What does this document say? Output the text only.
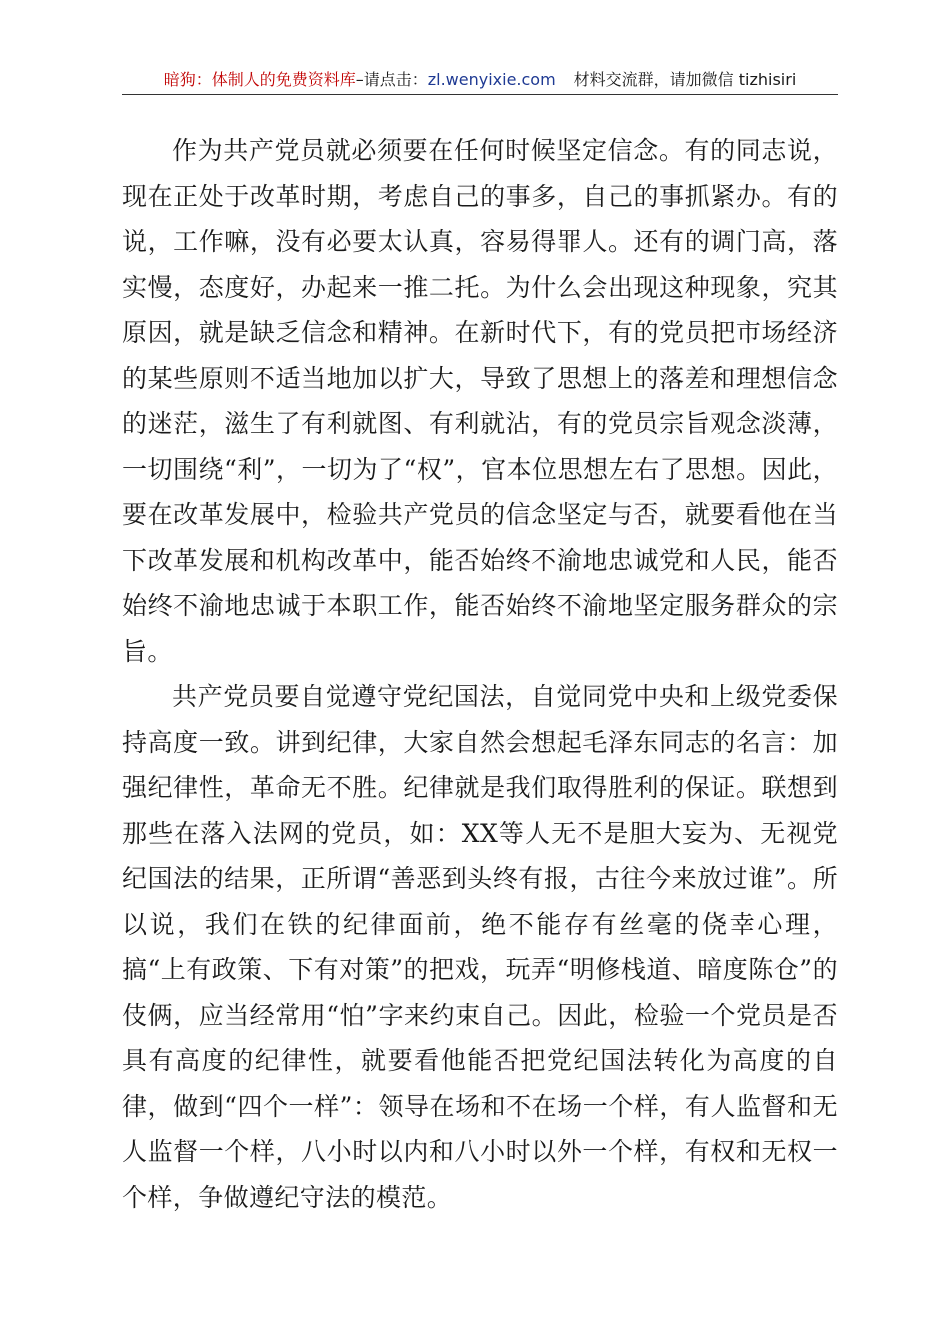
暗狗：体制人的免费资料库–请点击：zl.wenyixie.com 材料交流群，请加微信 tizhisiri

作为共产党员就必须要在任何时候坚定信念。有的同志说，现在正处于改革时期，考虑自己的事多，自己的事抓紧办。有的说，工作嘛，没有必要太认真，容易得罪人。还有的调门高，落实慢，态度好，办起来一推二托。为什么会出现这种现象，究其原因，就是缺乏信念和精神。在新时代下，有的党员把市场经济的某些原则不适当地加以扩大，导致了思想上的落差和理想信念的迷茫，滋生了有利就图、有利就沾，有的党员宗旨观念淡薄，一切围绕“利”，一切为了“权”，官本位思想左右了思想。因此，要在改革发展中，检验共产党员的信念坚定与否，就要看他在当下改革发展和机构改革中，能否始终不渝地忠诚党和人民，能否始终不渝地忠诚于本职工作，能否始终不渝地坚定服务群众的宗旨。

共产党员要自觉遵守党纪国法，自觉同党中央和上级党委保持高度一致。讲到纪律，大家自然会想起毛泽东同志的名言：加强纪律性，革命无不胜。纪律就是我们取得胜利的保证。联想到那些在落入法网的党员，如：XX等人无不是胆大妄为、无视党纪国法的结果，正所谓“善恶到头终有报，古往今来放过谁”。所以说，我们在铁的纪律面前，绝不能存有丝毫的侥幸心理，搞“上有政策、下有对策”的把戏，玩弄“明修栈道、暗度陈仓”的伎俩，应当经常用“怕”字来约束自己。因此，检验一个党员是否具有高度的纪律性，就要看他能否把党纪国法转化为高度的自律，做到“四个一样”：领导在场和不在场一个样，有人监督和无人监督一个样，八小时以内和八小时以外一个样，有权和无权一个样，争做遵纪守法的模范。
